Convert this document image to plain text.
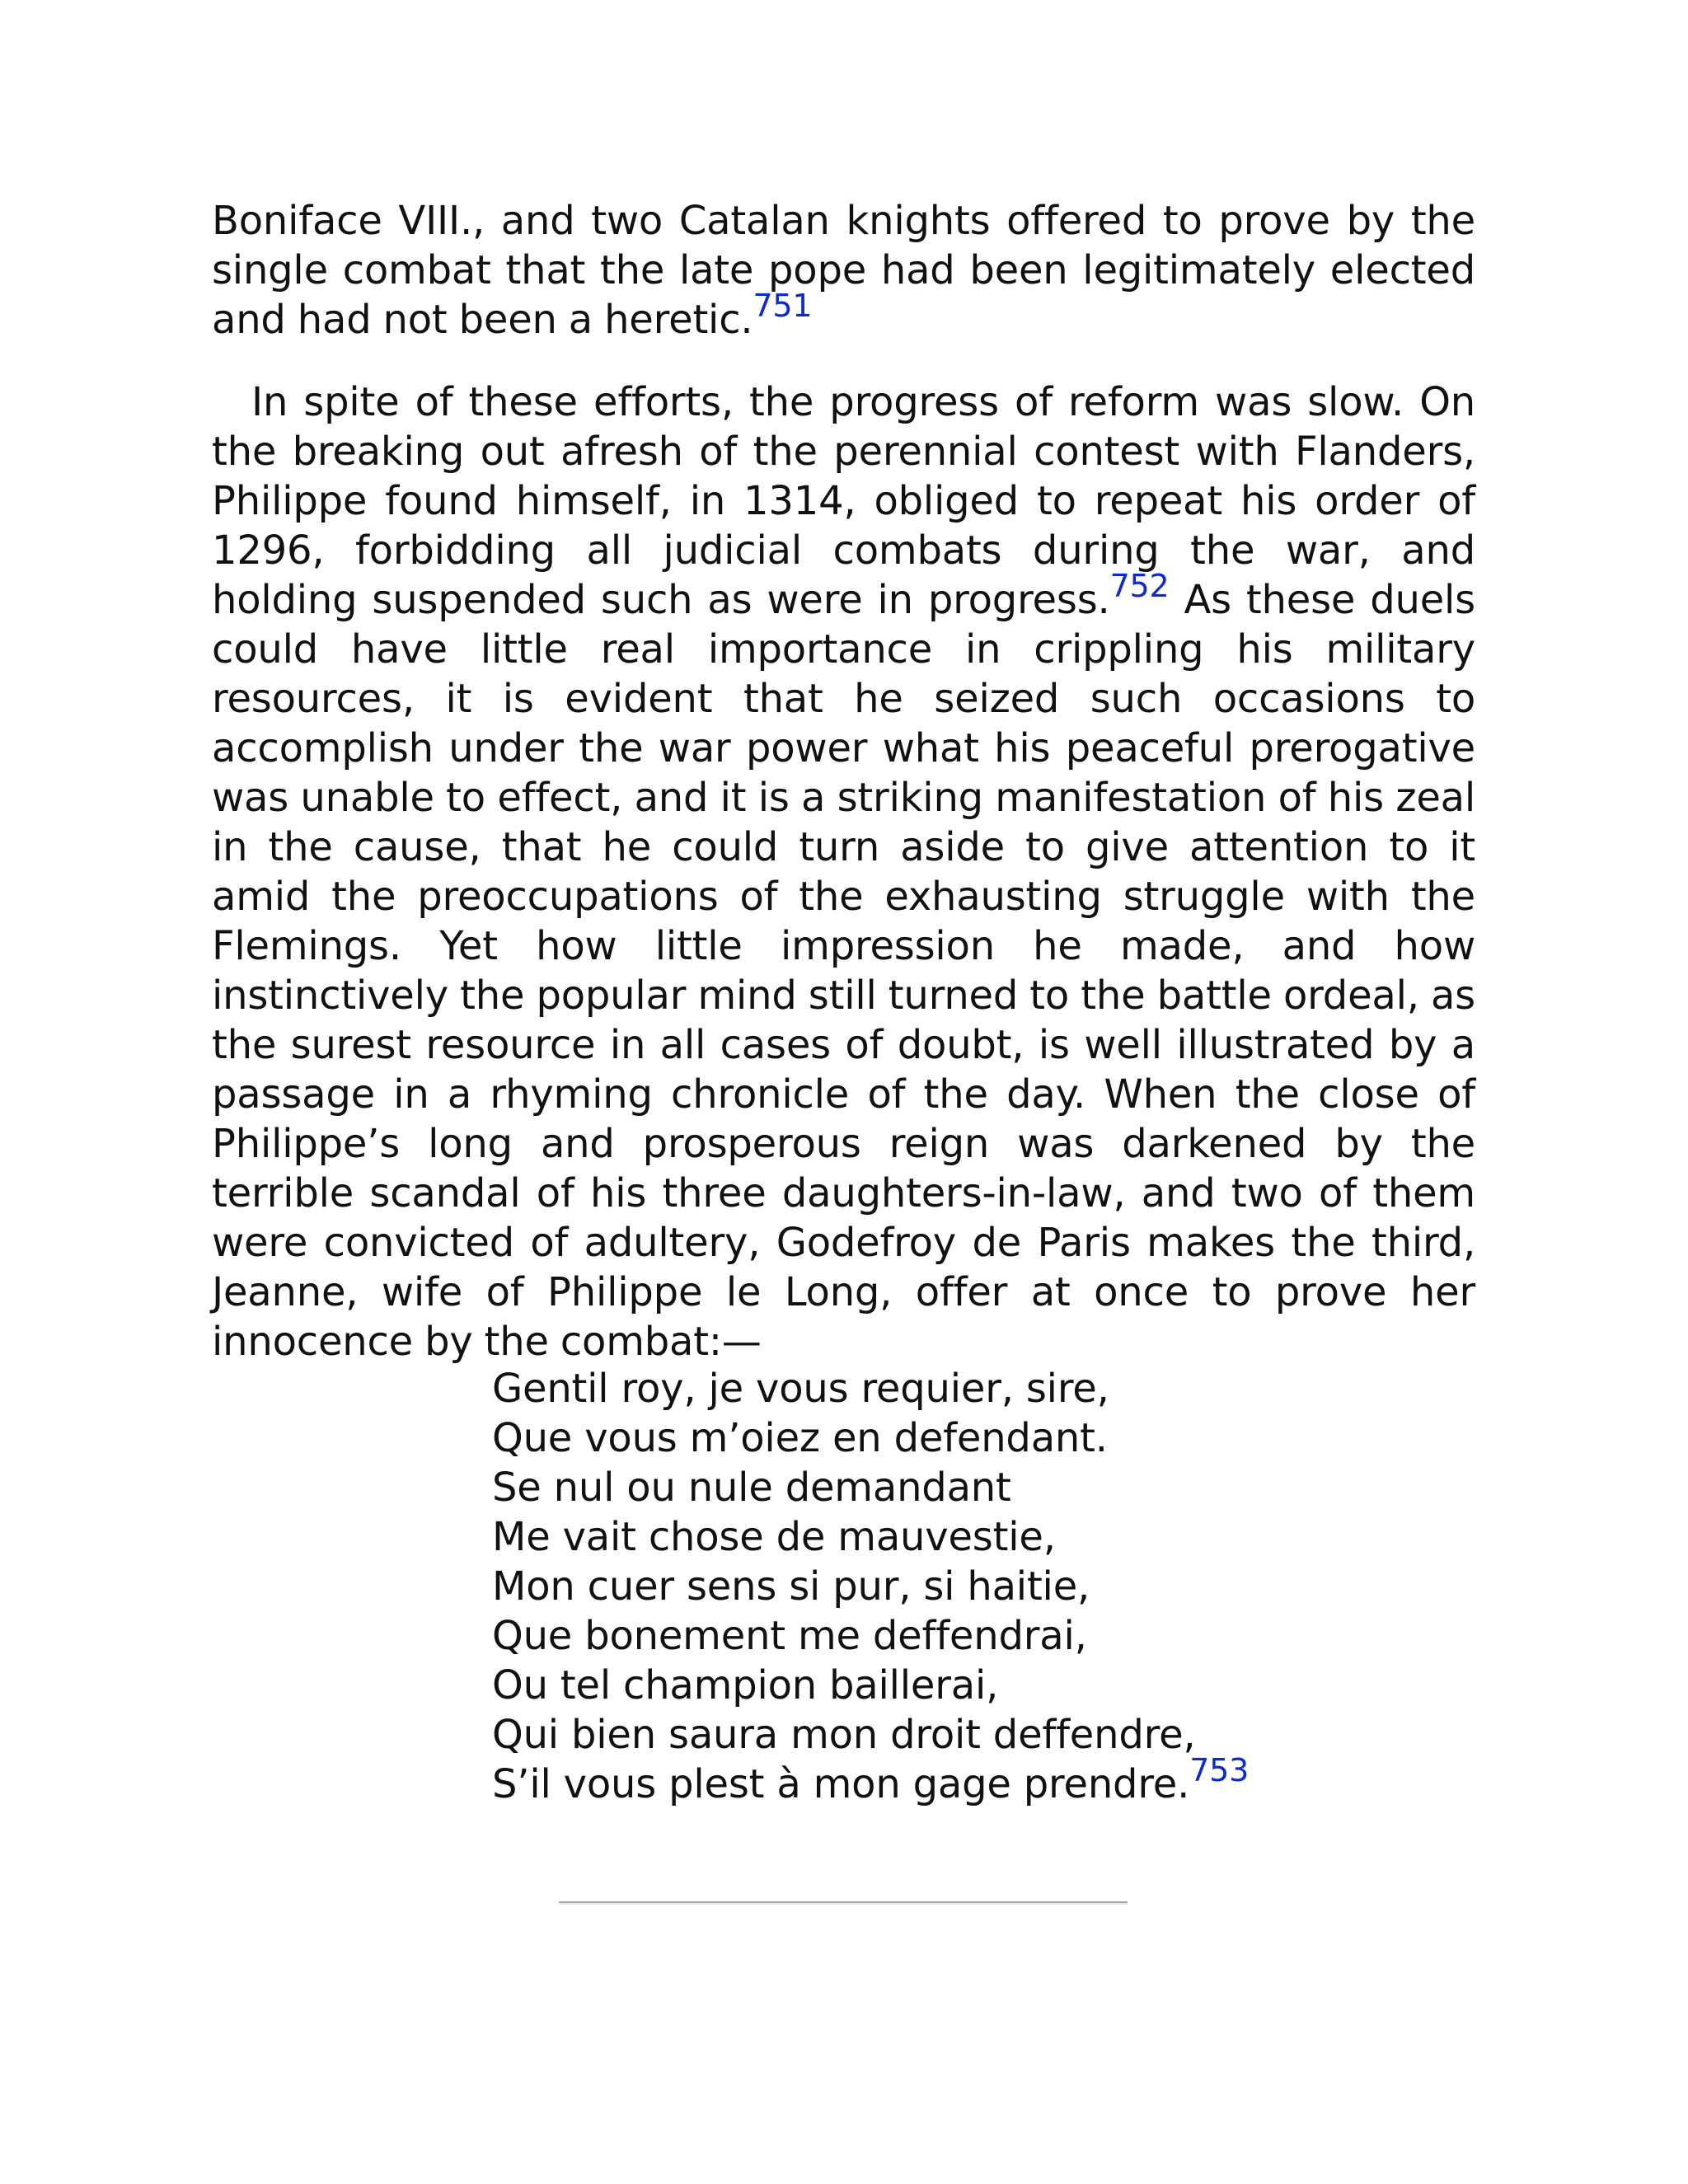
Boniface VIII., and two Catalan knights offered to prove by the single combat that the late pope had been legitimately elected and had not been a heretic.$^{751}$

In spite of these efforts, the progress of reform was slow. On the breaking out afresh of the perennial contest with Flanders, Philippe found himself, in 1314, obliged to repeat his order of 1296, forbidding all judicial combats during the war, and holding suspended such as were in progress.$^{752}$ As these duels could have little real importance in crippling his military resources, it is evident that he seized such occasions to accomplish under the war power what his peaceful prerogative was unable to effect, and it is a striking manifestation of his zeal in the cause, that he could turn aside to give attention to it amid the preoccupations of the exhausting struggle with the Flemings. Yet how little impression he made, and how instinctively the popular mind still turned to the battle ordeal, as the surest resource in all cases of doubt, is well illustrated by a passage in a rhyming chronicle of the day. When the close of Philippe’s long and prosperous reign was darkened by the terrible scandal of his three daughters-in-law, and two of them were convicted of adultery, Godefroy de Paris makes the third, Jeanne, wife of Philippe le Long, offer at once to prove her innocence by the combat:—

Gentil roy, je vous requier, sire,
Que vous m’oiez en defendant.
Se nul ou nule demandant
Me vait chose de mauvestie,
Mon cuer sens si pur, si haitie,
Que bonement me deffendrai,
Ou tel champion baillerai,
Qui bien saura mon droit deffendre,
S’il vous plest à mon gage prendre.$^{753}$
